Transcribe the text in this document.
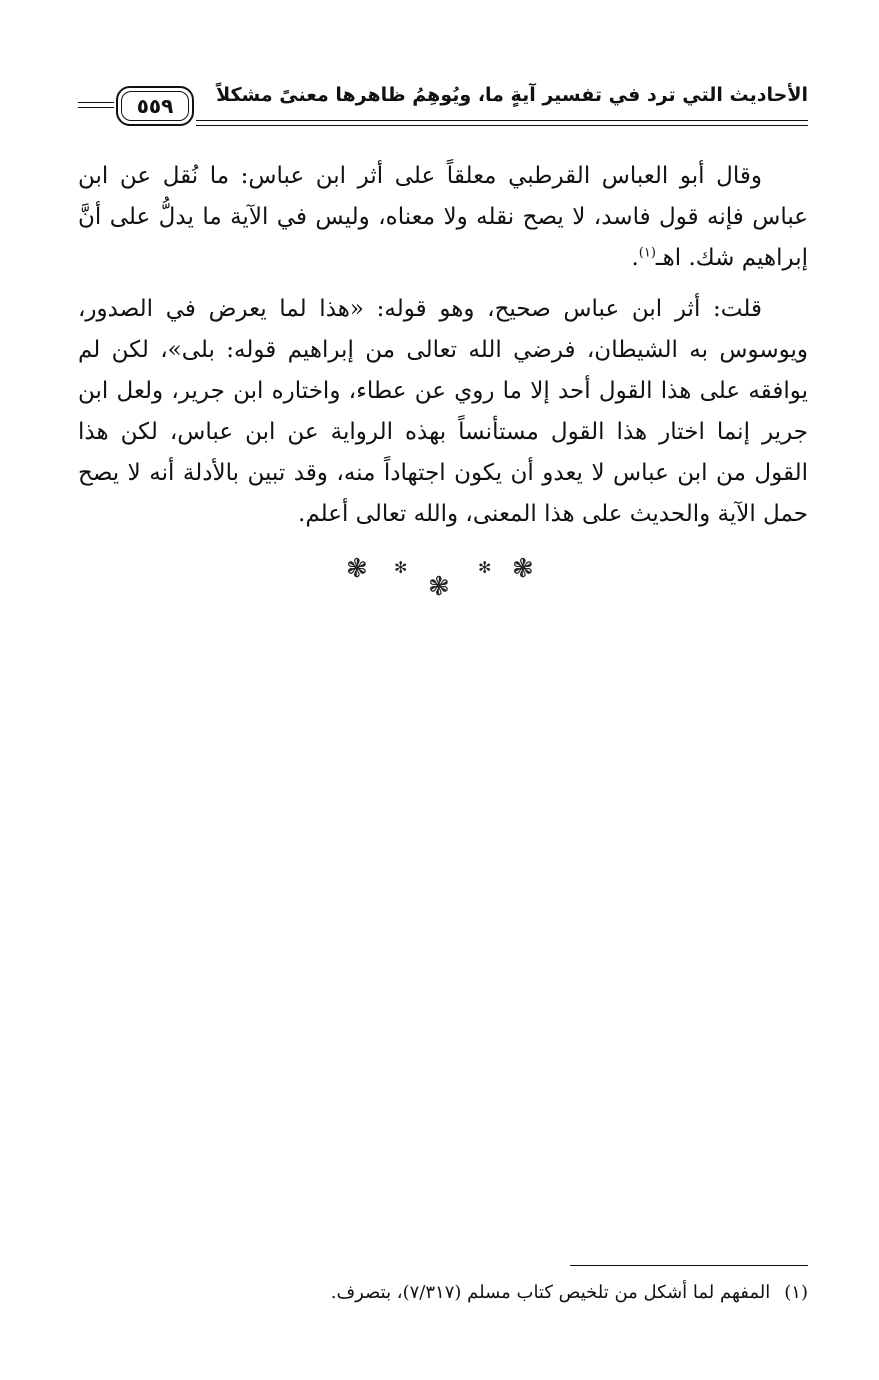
٥٥٩ الأحاديث التي ترد في تفسير آيةٍ ما، ويُوهِمُ ظاهرها معنىً مشكلاً

وقال أبو العباس القرطبي معلقاً على أثر ابن عباس: ما نُقل عن ابن عباس فإنه قول فاسد، لا يصح نقله ولا معناه، وليس في الآية ما يدلُّ على أنَّ إبراهيم شك. اهـ$^{(١)}$.

قلت: أثر ابن عباس صحيح، وهو قوله: «هذا لما يعرض في الصدور، ويوسوس به الشيطان، فرضي الله تعالى من إبراهيم قوله: بلى»، لكن لم يوافقه على هذا القول أحد إلا ما روي عن عطاء، واختاره ابن جرير، ولعل ابن جرير إنما اختار هذا القول مستأنساً بهذه الرواية عن ابن عباس، لكن هذا القول من ابن عباس لا يعدو أن يكون اجتهاداً منه، وقد تبين بالأدلة أنه لا يصح حمل الآية والحديث على هذا المعنى، والله تعالى أعلم.

❃ ✻
❃
✻ ❃
(١)المفهم لما أشكل من تلخيص كتاب مسلم (٧/٣١٧)، بتصرف.
